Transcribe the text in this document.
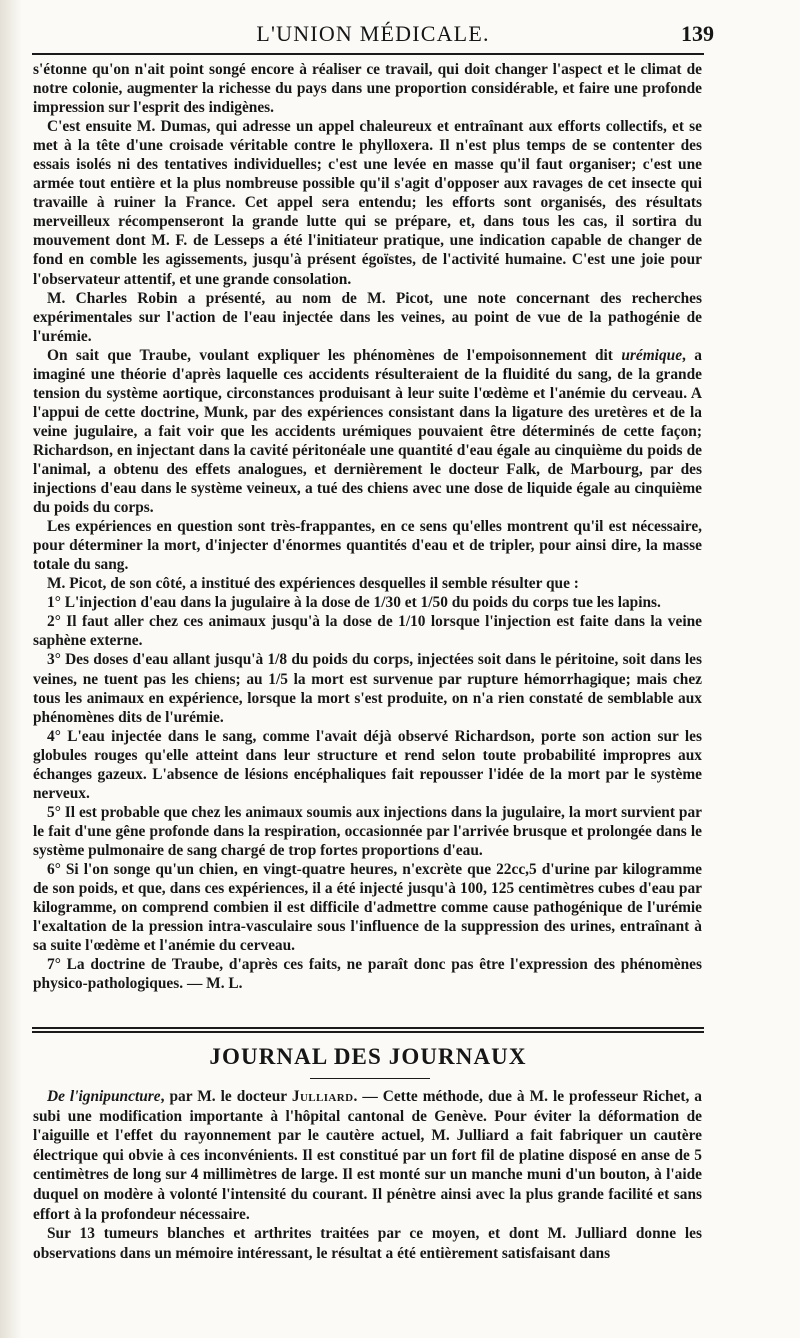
L'UNION MÉDICALE.	139

s'étonne qu'on n'ait point songé encore à réaliser ce travail, qui doit changer l'aspect et le climat de notre colonie, augmenter la richesse du pays dans une proportion considérable, et faire une profonde impression sur l'esprit des indigènes.

C'est ensuite M. Dumas, qui adresse un appel chaleureux et entraînant aux efforts collectifs, et se met à la tête d'une croisade véritable contre le phylloxera. Il n'est plus temps de se contenter des essais isolés ni des tentatives individuelles; c'est une levée en masse qu'il faut organiser; c'est une armée tout entière et la plus nombreuse possible qu'il s'agit d'opposer aux ravages de cet insecte qui travaille à ruiner la France. Cet appel sera entendu; les efforts sont organisés, des résultats merveilleux récompenseront la grande lutte qui se prépare, et, dans tous les cas, il sortira du mouvement dont M. F. de Lesseps a été l'initiateur pratique, une indication capable de changer de fond en comble les agissements, jusqu'à présent égoïstes, de l'activité humaine. C'est une joie pour l'observateur attentif, et une grande consolation.

M. Charles Robin a présenté, au nom de M. Picot, une note concernant des recherches expérimentales sur l'action de l'eau injectée dans les veines, au point de vue de la pathogénie de l'urémie.

On sait que Traube, voulant expliquer les phénomènes de l'empoisonnement dit urémique, a imaginé une théorie d'après laquelle ces accidents résulteraient de la fluidité du sang, de la grande tension du système aortique, circonstances produisant à leur suite l'œdème et l'anémie du cerveau. A l'appui de cette doctrine, Munk, par des expériences consistant dans la ligature des uretères et de la veine jugulaire, a fait voir que les accidents urémiques pouvaient être déterminés de cette façon; Richardson, en injectant dans la cavité péritonéale une quantité d'eau égale au cinquième du poids de l'animal, a obtenu des effets analogues, et dernièrement le docteur Falk, de Marbourg, par des injections d'eau dans le système veineux, a tué des chiens avec une dose de liquide égale au cinquième du poids du corps.

Les expériences en question sont très-frappantes, en ce sens qu'elles montrent qu'il est nécessaire, pour déterminer la mort, d'injecter d'énormes quantités d'eau et de tripler, pour ainsi dire, la masse totale du sang.

M. Picot, de son côté, a institué des expériences desquelles il semble résulter que :

1° L'injection d'eau dans la jugulaire à la dose de 1/30 et 1/50 du poids du corps tue les lapins.

2° Il faut aller chez ces animaux jusqu'à la dose de 1/10 lorsque l'injection est faite dans la veine saphène externe.

3° Des doses d'eau allant jusqu'à 1/8 du poids du corps, injectées soit dans le péritoine, soit dans les veines, ne tuent pas les chiens; au 1/5 la mort est survenue par rupture hémorrhagique; mais chez tous les animaux en expérience, lorsque la mort s'est produite, on n'a rien constaté de semblable aux phénomènes dits de l'urémie.

4° L'eau injectée dans le sang, comme l'avait déjà observé Richardson, porte son action sur les globules rouges qu'elle atteint dans leur structure et rend selon toute probabilité impropres aux échanges gazeux. L'absence de lésions encéphaliques fait repousser l'idée de la mort par le système nerveux.

5° Il est probable que chez les animaux soumis aux injections dans la jugulaire, la mort survient par le fait d'une gêne profonde dans la respiration, occasionnée par l'arrivée brusque et prolongée dans le système pulmonaire de sang chargé de trop fortes proportions d'eau.

6° Si l'on songe qu'un chien, en vingt-quatre heures, n'excrète que 22cc,5 d'urine par kilogramme de son poids, et que, dans ces expériences, il a été injecté jusqu'à 100, 125 centimètres cubes d'eau par kilogramme, on comprend combien il est difficile d'admettre comme cause pathogénique de l'urémie l'exaltation de la pression intra-vasculaire sous l'influence de la suppression des urines, entraînant à sa suite l'œdème et l'anémie du cerveau.

7° La doctrine de Traube, d'après ces faits, ne paraît donc pas être l'expression des phénomènes physico-pathologiques. — M. L.

JOURNAL DES JOURNAUX

De l'ignipuncture, par M. le docteur Julliard. — Cette méthode, due à M. le professeur Richet, a subi une modification importante à l'hôpital cantonal de Genève. Pour éviter la déformation de l'aiguille et l'effet du rayonnement par le cautère actuel, M. Julliard a fait fabriquer un cautère électrique qui obvie à ces inconvénients. Il est constitué par un fort fil de platine disposé en anse de 5 centimètres de long sur 4 millimètres de large. Il est monté sur un manche muni d'un bouton, à l'aide duquel on modère à volonté l'intensité du courant. Il pénètre ainsi avec la plus grande facilité et sans effort à la profondeur nécessaire.

Sur 13 tumeurs blanches et arthrites traitées par ce moyen, et dont M. Julliard donne les observations dans un mémoire intéressant, le résultat a été entièrement satisfaisant dans
